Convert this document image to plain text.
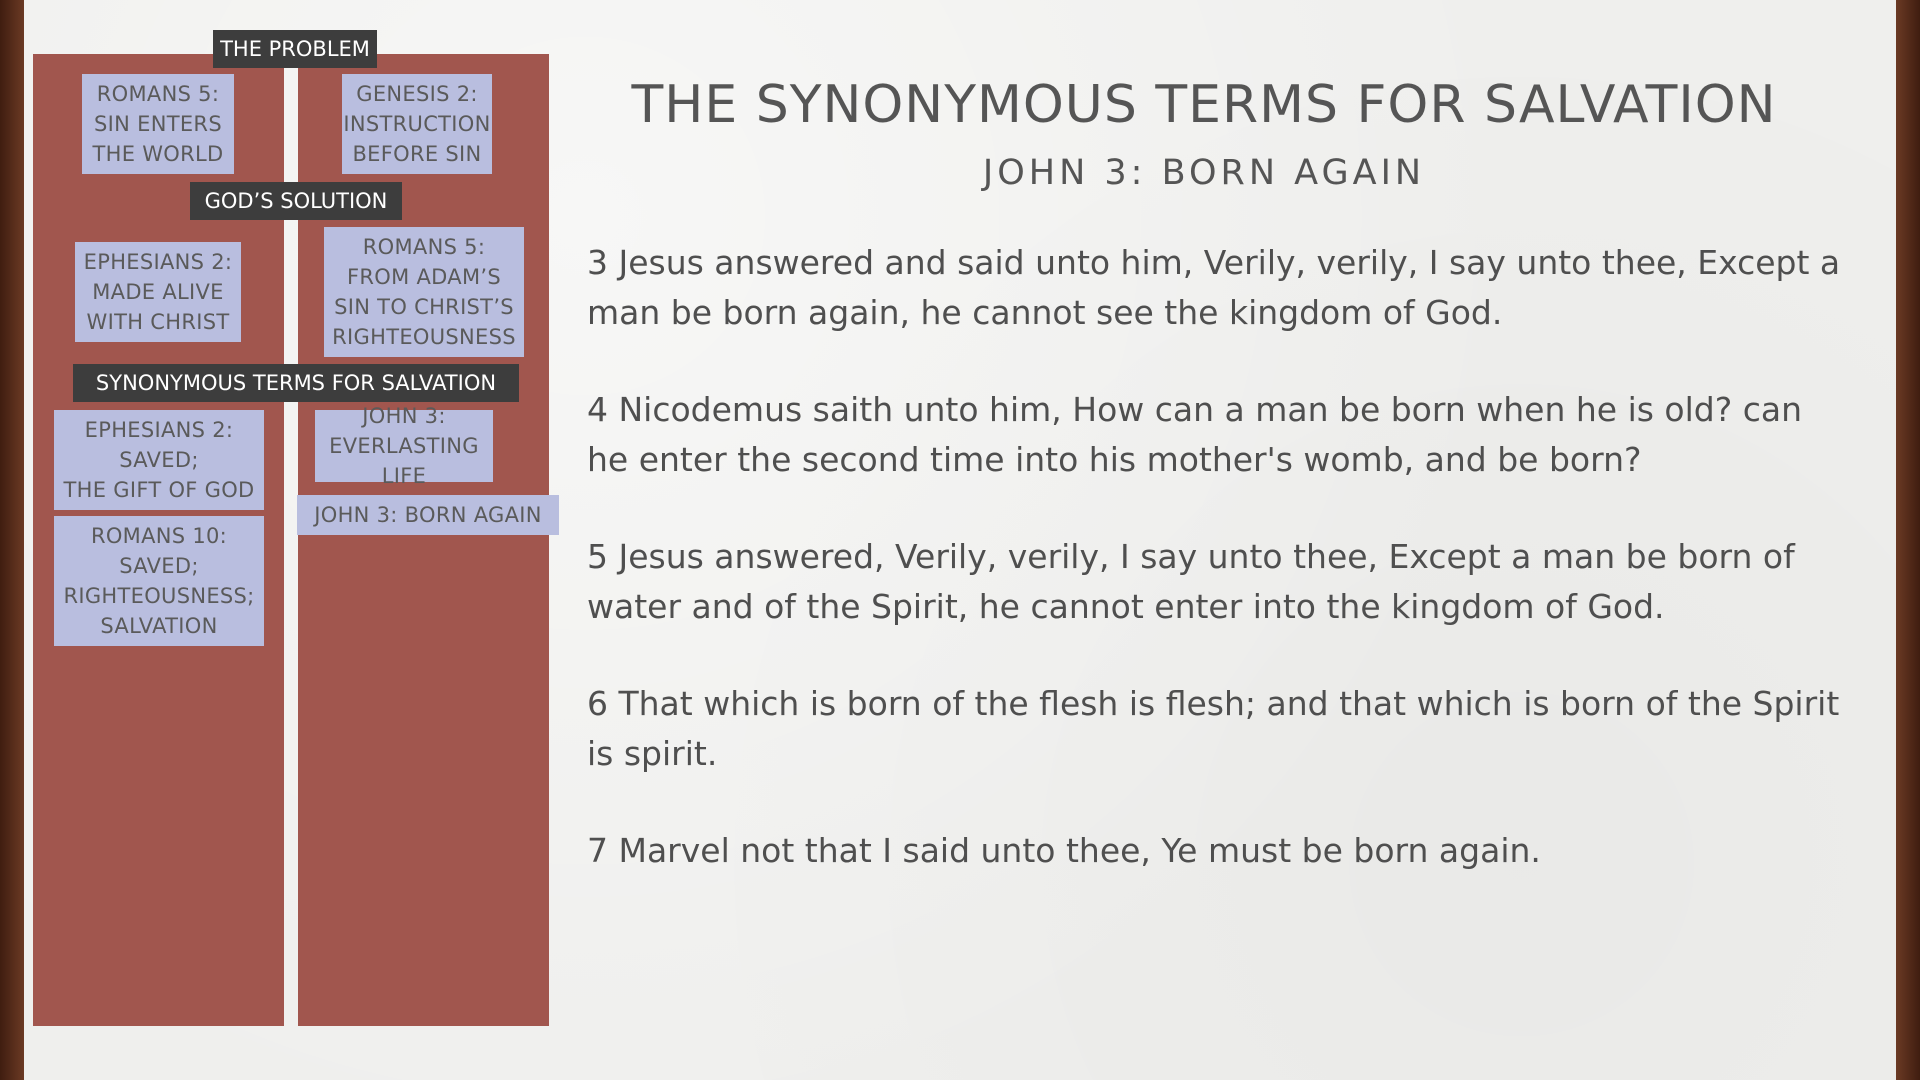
THE PROBLEM
ROMANS 5:
SIN ENTERS
THE WORLD
GENESIS 2:
INSTRUCTION
BEFORE SIN
GOD’S SOLUTION
EPHESIANS 2:
MADE ALIVE
WITH CHRIST
ROMANS 5:
FROM ADAM’S
SIN TO CHRIST’S
RIGHTEOUSNESS
SYNONYMOUS TERMS FOR SALVATION
EPHESIANS 2:
SAVED;
THE GIFT OF GOD
JOHN 3:
EVERLASTING LIFE
JOHN 3: BORN AGAIN
ROMANS 10:
SAVED;
RIGHTEOUSNESS;
SALVATION
THE SYNONYMOUS TERMS FOR SALVATION
JOHN 3: BORN AGAIN

3 Jesus answered and said unto him, Verily, verily, I say unto thee, Except a man be born again, he cannot see the kingdom of God.

4 Nicodemus saith unto him, How can a man be born when he is old? can he enter the second time into his mother's womb, and be born?

5 Jesus answered, Verily, verily, I say unto thee, Except a man be born of water and of the Spirit, he cannot enter into the kingdom of God.

6 That which is born of the flesh is flesh; and that which is born of the Spirit is spirit.

7 Marvel not that I said unto thee, Ye must be born again.
